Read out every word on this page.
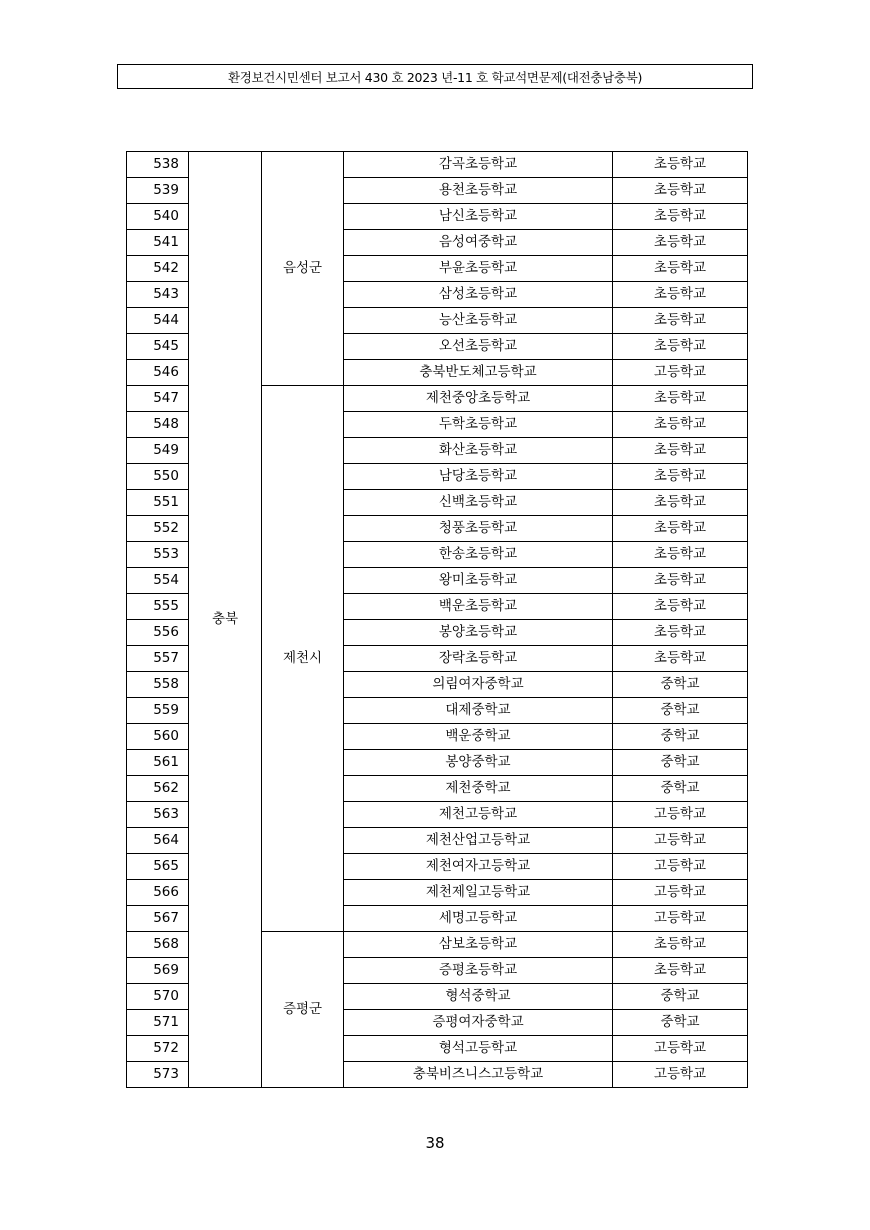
환경보건시민센터 보고서 430 호 2023 년-11 호 학교석면문제(대전충남충북)
538	충북	음성군	감곡초등학교	초등학교
539			용천초등학교	초등학교
540			남신초등학교	초등학교
541			음성여중학교	초등학교
542			부윤초등학교	초등학교
543			삼성초등학교	초등학교
544			능산초등학교	초등학교
545			오선초등학교	초등학교
546			충북반도체고등학교	고등학교
547		제천시	제천중앙초등학교	초등학교
548			두학초등학교	초등학교
549			화산초등학교	초등학교
550			남당초등학교	초등학교
551			신백초등학교	초등학교
552			청풍초등학교	초등학교
553			한송초등학교	초등학교
554			왕미초등학교	초등학교
555			백운초등학교	초등학교
556			봉양초등학교	초등학교
557			장락초등학교	초등학교
558			의림여자중학교	중학교
559			대제중학교	중학교
560			백운중학교	중학교
561			봉양중학교	중학교
562			제천중학교	중학교
563			제천고등학교	고등학교
564			제천산업고등학교	고등학교
565			제천여자고등학교	고등학교
566			제천제일고등학교	고등학교
567			세명고등학교	고등학교
568		증평군	삼보초등학교	초등학교
569			증평초등학교	초등학교
570			형석중학교	중학교
571			증평여자중학교	중학교
572			형석고등학교	고등학교
573			충북비즈니스고등학교	고등학교
38
